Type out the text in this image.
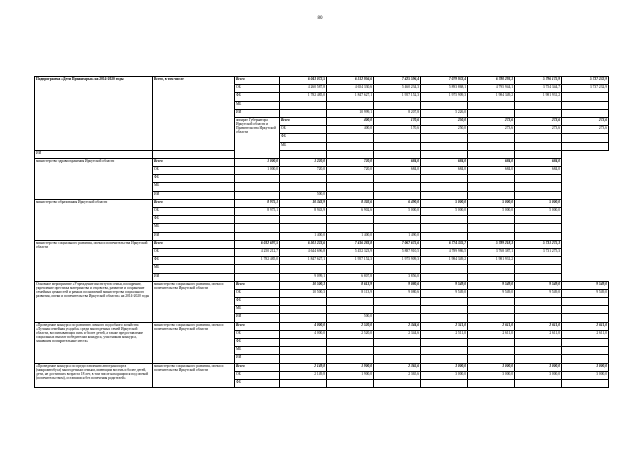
80
Подпрограмма «Дети Приангарья» на 2014-2020 годы	Всего, в том числе	Всего	6 043 072,5	6 512 956,6	7 425 596,4	7 079 933,4	6 780 293,3	5 796 175,9	5 737 232,9	
		ОБ	4 260 587,8	4 654 330,6	5 460 234,3	5 893 868,1	4 795 944,1	3 754 344,7	3 737 232,9	
		ФБ	1 782 485,0	1 847 627,1	1 957 152,3	1 975 909,3	1 984 349,2	1 981 931,2		
		МБ								
		ИИ		10 999,1	8 207,8	5 226,0				
		аппарат Губернатора Иркутской области и Правительства Иркутской области	Всего	400,0	170,6	250,0	273,6	273,6	273,6	
			ОБ	400,0	170,6	250,0	273,6	273,6	273,6	
			ФБ							
			МБ							
ИИ										
министерство здравоохранения Иркутской области	Всего	1 000,0	1 220,0	720,0	684,0	684,0	684,0	684,0		
	ОБ	1 000,0	720,0	720,0	684,0	684,0	684,0	684,0		
	ФБ									
	МБ									
	ИИ		500,0							
министерство образования Иркутской области	Всего	8 975,1	10 343,9	8 302,6	6 490,0	5 000,0	5 000,0	5 000,0		
	ОБ	8 975,1	8 943,9	6 902,6	5 000,0	5 000,0	5 000,0	5 000,0		
	ФБ									
	МБ									
	ИИ		1 400,0	1 400,0	1 490,0					
министерство социального развития, опеки и попечительства Иркутской области	Всего	6 032 697,5	6 501 223,6	7 416 283,8	7 067 675,6	6 774 335,7	5 789 218,3	5 731 275,3		
	ОБ	4 250 212,7	4 644 696,8	5 452 323,9	5 887 910,5	4 789 986,5	3 768 387,1	3 731 275,3		
	ФБ	1 782 485,0	1 847 627,1	1 957 152,3	1 975 909,3	1 984 349,2	1 981 931,2			
	МБ									
	ИИ		9 099,1	6 807,8	3 856,0					
Основное мероприятие «Учреждение институтов семьи, поощрение, укрепление престижа материнства и отцовства, развитие и сохранение семейных ценностей и рамках полномочий министерства социального развития, опеки и попечительства Иркутской области» на 2014-2020 годы	министерство социального развития, опеки и попечительства Иркутской области	Всего	10 500,3	8 613,9	9 080,6	9 549,0	9 549,0	9 549,0	9 549,0	
		ОБ	10 500,3	8 113,9	9 080,6	9 549,0	9 549,0	9 549,0	9 549,0	
		ФБ								
		МБ								
		ИИ		500,0						
«Проведение конкурса по развитию личного подсобного хозяйства «Лучшая семейная усадьба» среди многодетных семей Иркутской области, воспитывающих пять и более детей, а также предоставление социальных выплат победителям конкурса, участникам конкурса, занявшим поощрительные места»	министерство социального развития, опеки и попечительства Иркутской области	Всего	4 000,0	2 520,0	2 344,6	2 511,0	2 611,0	2 611,0	2 611,0	
		ОБ	4 000,0	2 520,0	2 344,6	2 511,0	2 611,0	2 611,0	2 611,0	
		ФБ								
		МБ								
		ИИ								
«Проведение конкурса по предоставлению автотранспорта (микроавтобуса) многодетным семьям, имеющим восемь и более детей, дети, не достигших возраста 18 лет, в том числе находящихся под опекой (попечительством), оставшихся без попечения родителей»	министерство социального развития, опеки и попечительства Иркутской области	Всего	2 149,8	1 900,0	2 365,6	3 000,0	3 000,0	3 000,0	3 000,0	
		ОБ	2 149,8	1 900,0	2 365,6	3 000,0	3 000,0	3 000,0	3 000,0	
		ФБ								
